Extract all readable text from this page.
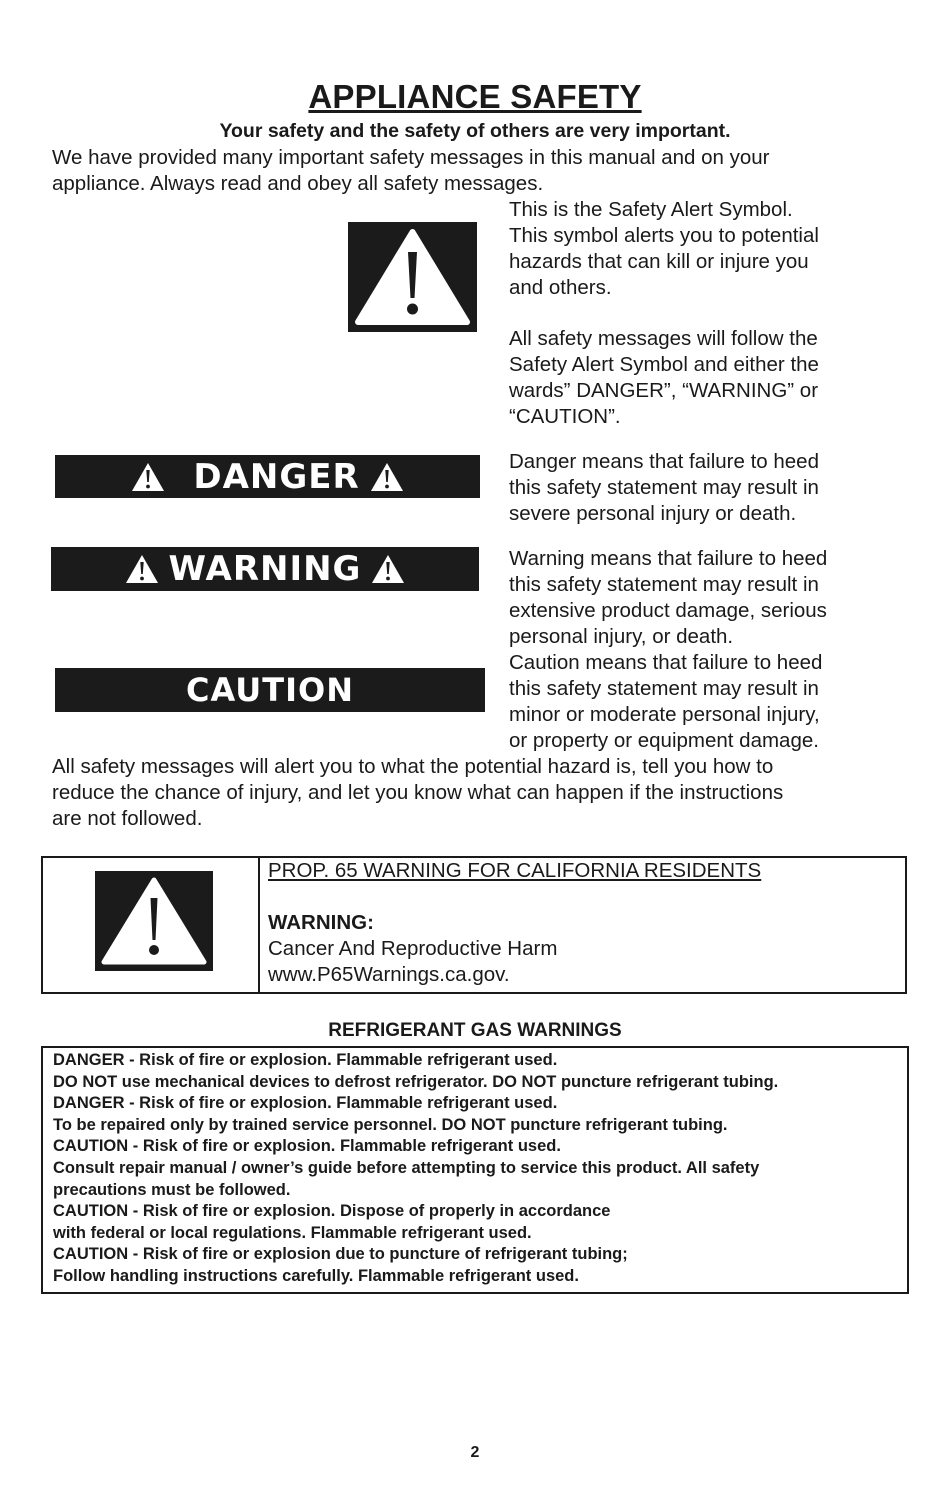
APPLIANCE SAFETY
Your safety and the safety of others are very important.
We have provided many important safety messages in this manual and on your
appliance. Always read and obey all safety messages.
This is the Safety Alert Symbol.
This symbol alerts you to potential
hazards that can kill or injure you
and others.
All safety messages will follow the
Safety Alert Symbol and either the
wards” DANGER”, “WARNING” or
“CAUTION”.
DANGER	Danger means that failure to heed
this safety statement may result in
severe personal injury or death.
WARNING	Warning means that failure to heed
this safety statement may result in
extensive product damage, serious
personal injury, or death.
CAUTION
Caution means that failure to heed
this safety statement may result in
minor or moderate personal injury,
or property or equipment damage.
All safety messages will alert you to what the potential hazard is, tell you how to
reduce the chance of injury, and let you know what can happen if the instructions
are not followed.
PROP. 65 WARNING FOR CALIFORNIA RESIDENTS
WARNING:
Cancer And Reproductive Harm
www.P65Warnings.ca.gov.
REFRIGERANT GAS WARNINGS
DANGER - Risk of fire or explosion. Flammable refrigerant used.
DO NOT use mechanical devices to defrost refrigerator. DO NOT puncture refrigerant tubing.
DANGER - Risk of fire or explosion. Flammable refrigerant used.
To be repaired only by trained service personnel. DO NOT puncture refrigerant tubing.
CAUTION - Risk of fire or explosion. Flammable refrigerant used.
Consult repair manual / owner’s guide before attempting to service this product. All safety
precautions must be followed.
CAUTION - Risk of fire or explosion. Dispose of properly in accordance
with federal or local regulations. Flammable refrigerant used.
CAUTION - Risk of fire or explosion due to puncture of refrigerant tubing;
Follow handling instructions carefully. Flammable refrigerant used.
2
